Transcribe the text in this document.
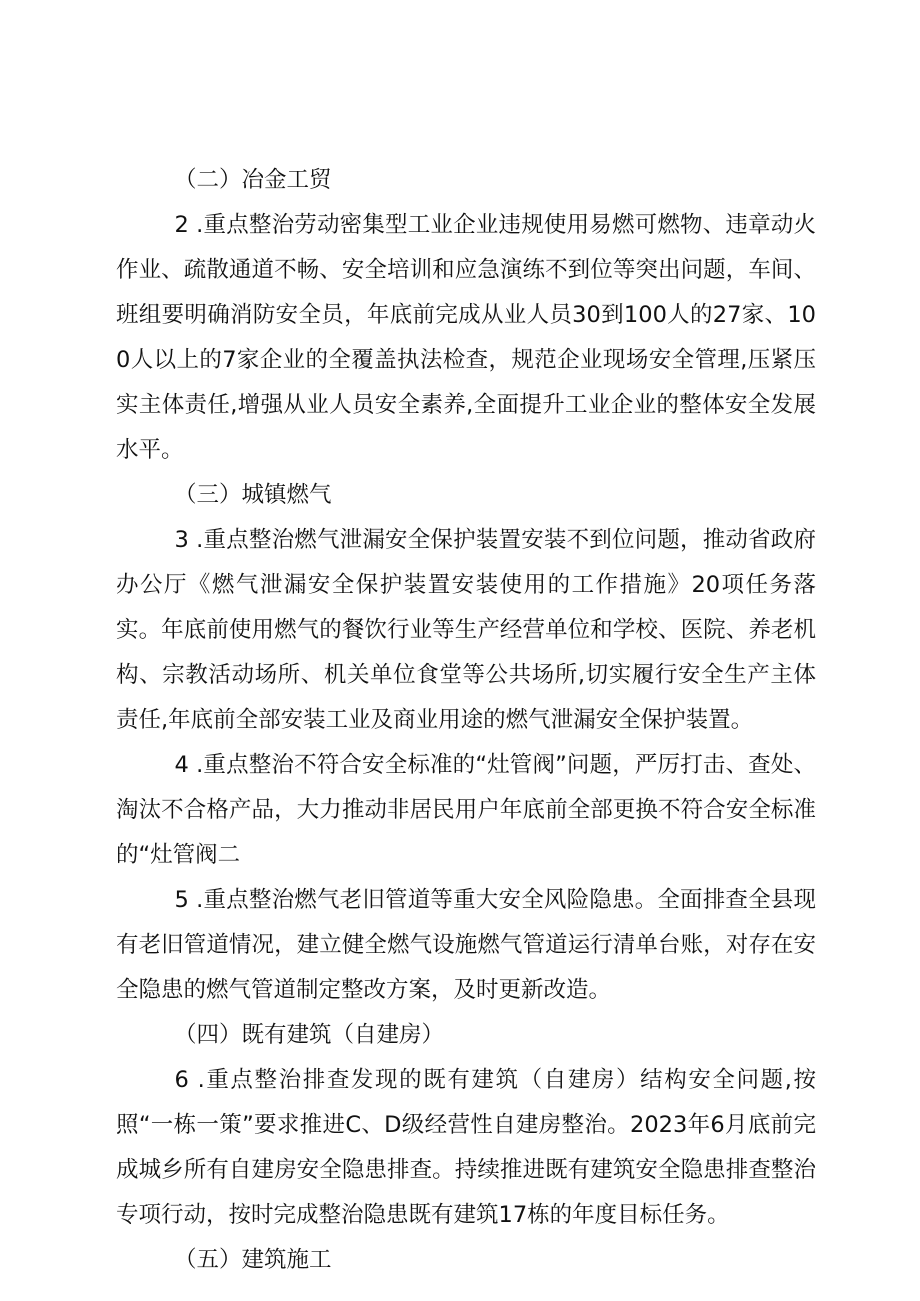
（二）冶金工贸

2 .重点整治劳动密集型工业企业违规使用易燃可燃物、违章动火作业、疏散通道不畅、安全培训和应急演练不到位等突出问题，车间、班组要明确消防安全员，年底前完成从业人员30到100人的27家、100人以上的7家企业的全覆盖执法检查，规范企业现场安全管理,压紧压实主体责任,增强从业人员安全素养,全面提升工业企业的整体安全发展水平。

（三）城镇燃气

3 .重点整治燃气泄漏安全保护装置安装不到位问题，推动省政府办公厅《燃气泄漏安全保护装置安装使用的工作措施》20项任务落实。年底前使用燃气的餐饮行业等生产经营单位和学校、医院、养老机构、宗教活动场所、机关单位食堂等公共场所,切实履行安全生产主体责任,年底前全部安装工业及商业用途的燃气泄漏安全保护装置。

4 .重点整治不符合安全标准的“灶管阀”问题，严厉打击、查处、淘汰不合格产品，大力推动非居民用户年底前全部更换不符合安全标准的“灶管阀二

5 .重点整治燃气老旧管道等重大安全风险隐患。全面排查全县现有老旧管道情况，建立健全燃气设施燃气管道运行清单台账，对存在安全隐患的燃气管道制定整改方案，及时更新改造。

（四）既有建筑（自建房）

6 .重点整治排查发现的既有建筑（自建房）结构安全问题,按照“一栋一策”要求推进C、D级经营性自建房整治。2023年6月底前完成城乡所有自建房安全隐患排查。持续推进既有建筑安全隐患排查整治专项行动，按时完成整治隐患既有建筑17栋的年度目标任务。

（五）建筑施工
